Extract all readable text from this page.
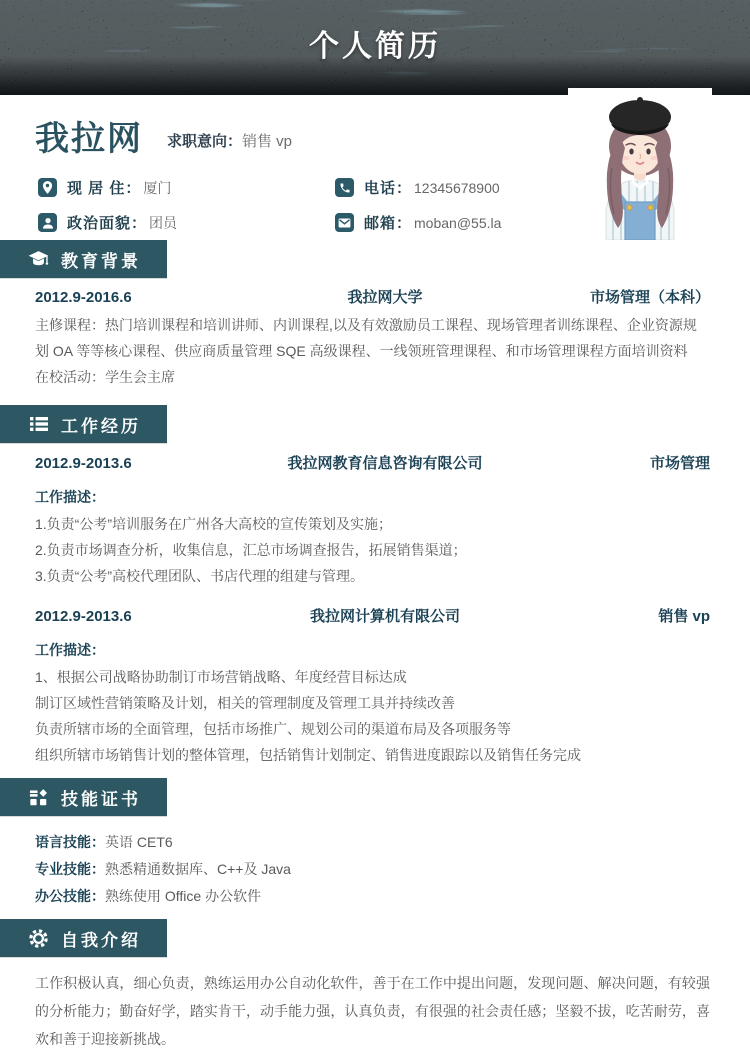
个人简历
我拉网 求职意向：销售 vp
现 居 住： 厦门	电话： 12345678900
政治面貌： 团员	邮箱： moban@55.la
教育背景
2012.9-2016.6	我拉网大学	市场管理（本科）

主修课程：热门培训课程和培训讲师、内训课程,以及有效激励员工课程、现场管理者训练课程、企业资源规划 OA 等等核心课程、供应商质量管理 SQE 高级课程、一线领班管理课程、和市场管理课程方面培训资料

在校活动：学生会主席

工作经历
2012.9-2013.6	我拉网教育信息咨询有限公司	市场管理

工作描述：

1.负责“公考”培训服务在广州各大高校的宣传策划及实施；

2.负责市场调查分析，收集信息，汇总市场调查报告，拓展销售渠道；

3.负责“公考”高校代理团队、书店代理的组建与管理。

2012.9-2013.6	我拉网计算机有限公司	销售 vp

工作描述：

1、根据公司战略协助制订市场营销战略、年度经营目标达成

制订区域性营销策略及计划，相关的管理制度及管理工具并持续改善

负责所辖市场的全面管理，包括市场推广、规划公司的渠道布局及各项服务等

组织所辖市场销售计划的整体管理，包括销售计划制定、销售进度跟踪以及销售任务完成

技能证书

语言技能：英语 CET6

专业技能：熟悉精通数据库、C++及 Java

办公技能：熟练使用 Office 办公软件

自我介绍

工作积极认真，细心负责，熟练运用办公自动化软件，善于在工作中提出问题，发现问题、解决问题，有较强的分析能力；勤奋好学，踏实肯干，动手能力强，认真负责，有很强的社会责任感；坚毅不拔，吃苦耐劳，喜欢和善于迎接新挑战。
